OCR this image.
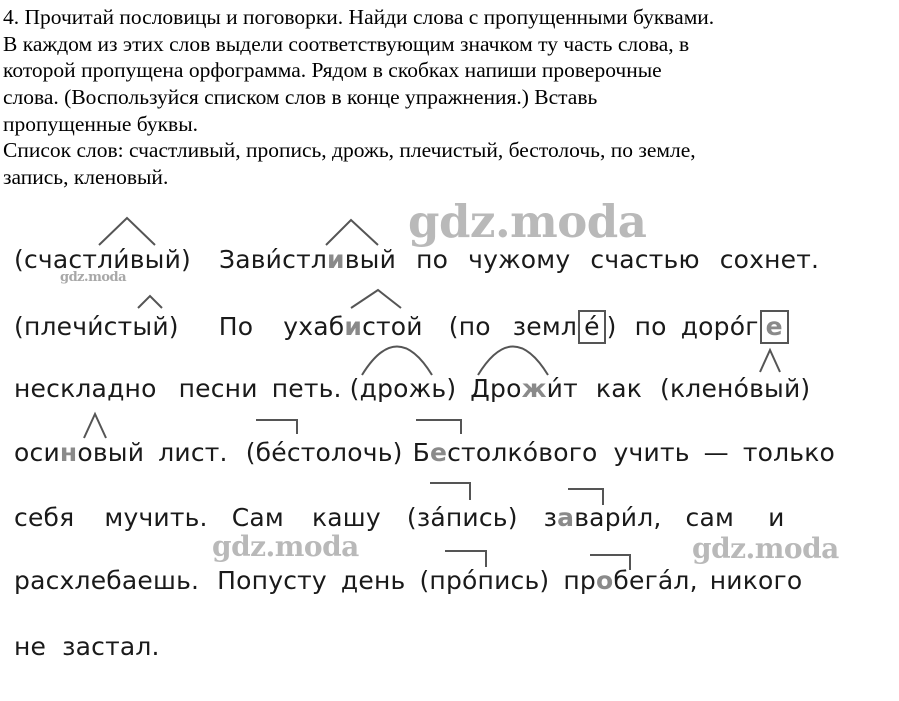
4. Прочитай пословицы и поговорки. Найди слова с пропущенными буквами.
В каждом из этих слов выдели соответствующим значком ту часть слова, в
которой пропущена орфограмма. Рядом в скобках напиши проверочные
слова. (Воспользуйся списком слов в конце упражнения.) Вставь
пропущенные буквы.
Список слов: счастливый, пропись, дрожь, плечистый, бестолочь, по земле,
запись, кленовый.
(счастли́вый) Зави́стливый по чужому счастью сохнет.
(плечи́стый) По ухабистой (по земл е́ ) по доро́г е
нескладно песни петь. (дрожь) Дрожи́т как (клено́вый)
осиновый лист. (бе́столочь) Бестолко́вого учить — только
себя мучить. Сам кашу (за́пись) завари́л, сам и
расхлебаешь. Попусту день (про́пись) пробега́л, никого
не застал.
gdz.moda
gdz.moda
gdz.moda	gdz.moda
